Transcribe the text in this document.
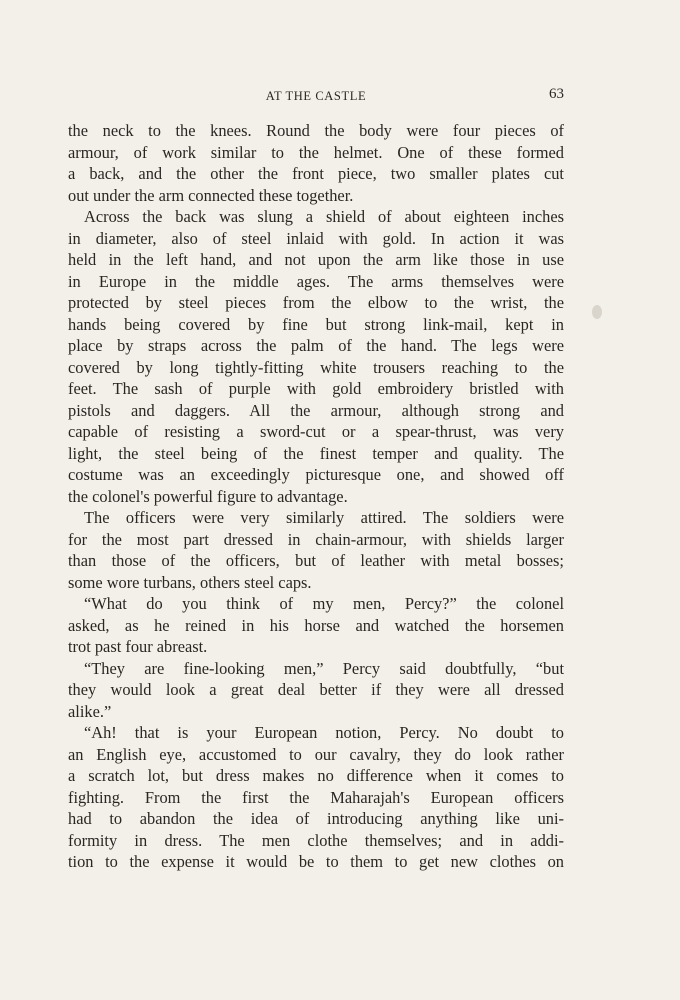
AT THE CASTLE	63
the neck to the knees. Round the body were four pieces of
armour, of work similar to the helmet. One of these formed
a back, and the other the front piece, two smaller plates cut
out under the arm connected these together.
Across the back was slung a shield of about eighteen inches
in diameter, also of steel inlaid with gold. In action it was
held in the left hand, and not upon the arm like those in use
in Europe in the middle ages. The arms themselves were
protected by steel pieces from the elbow to the wrist, the
hands being covered by fine but strong link-mail, kept in
place by straps across the palm of the hand. The legs were
covered by long tightly-fitting white trousers reaching to the
feet. The sash of purple with gold embroidery bristled with
pistols and daggers. All the armour, although strong and
capable of resisting a sword-cut or a spear-thrust, was very
light, the steel being of the finest temper and quality. The
costume was an exceedingly picturesque one, and showed off
the colonel's powerful figure to advantage.
The officers were very similarly attired. The soldiers were
for the most part dressed in chain-armour, with shields larger
than those of the officers, but of leather with metal bosses;
some wore turbans, others steel caps.
“What do you think of my men, Percy?” the colonel
asked, as he reined in his horse and watched the horsemen
trot past four abreast.
“They are fine-looking men,” Percy said doubtfully, “but
they would look a great deal better if they were all dressed
alike.”
“Ah! that is your European notion, Percy. No doubt to
an English eye, accustomed to our cavalry, they do look rather
a scratch lot, but dress makes no difference when it comes to
fighting. From the first the Maharajah's European officers
had to abandon the idea of introducing anything like uni-
formity in dress. The men clothe themselves; and in addi-
tion to the expense it would be to them to get new clothes on
